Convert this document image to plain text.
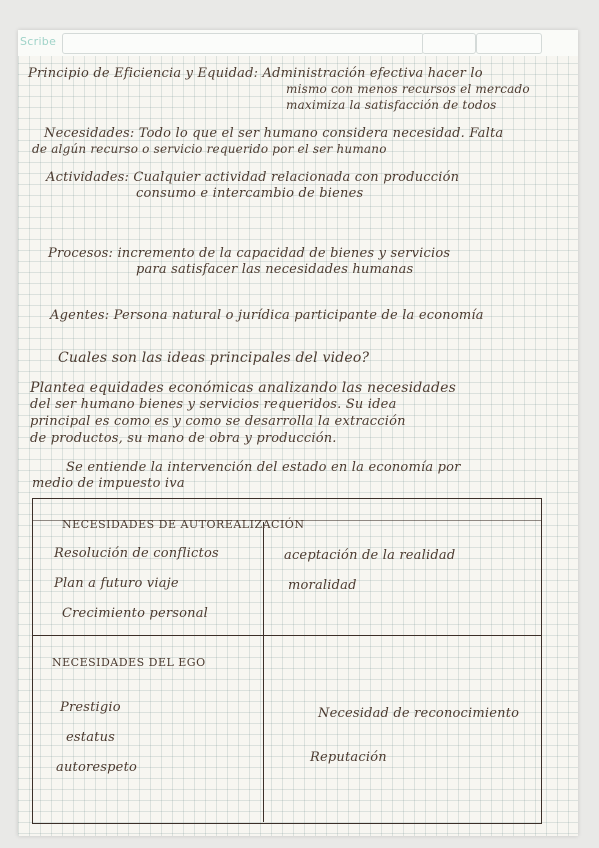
Scribe
Principio de Eficiencia y Equidad: Administración efectiva hacer lo
mismo con menos recursos el mercado
maximiza la satisfacción de todos
Necesidades: Todo lo que el ser humano considera necesidad. Falta
de algún recurso o servicio requerido por el ser humano
Actividades: Cualquier actividad relacionada con producción
consumo e intercambio de bienes
Procesos: incremento de la capacidad de bienes y servicios
para satisfacer las necesidades humanas
Agentes: Persona natural o jurídica participante de la economía
Cuales son las ideas principales del video?
Plantea equidades económicas analizando las necesidades
del ser humano bienes y servicios requeridos. Su idea
principal es como es y como se desarrolla la extracción
de productos, su mano de obra y producción.
Se entiende la intervención del estado en la economía por
medio de impuesto iva
NECESIDADES DE AUTOREALIZACIÓN
Resolución de conflictos
Plan a futuro viaje
Crecimiento personal
aceptación de la realidad
moralidad
NECESIDADES DEL EGO
Prestigio
estatus
autorespeto
Necesidad de reconocimiento
Reputación
